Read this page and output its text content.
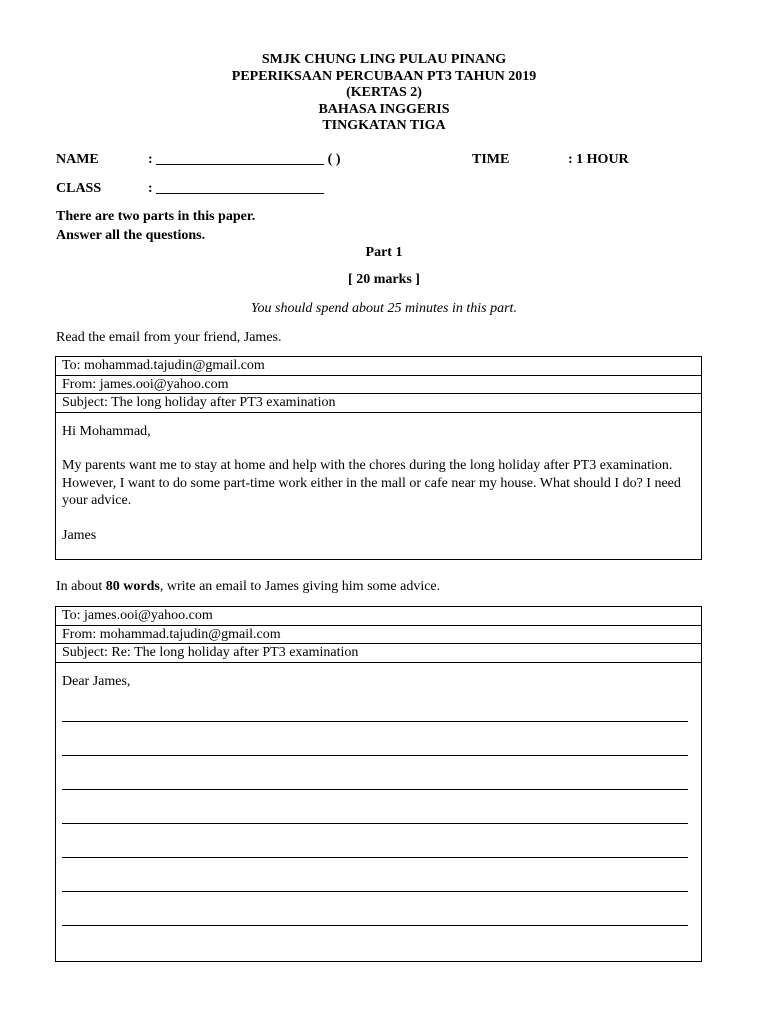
SMJK CHUNG LING PULAU PINANG
PEPERIKSAAN PERCUBAAN PT3 TAHUN 2019
(KERTAS 2)
BAHASA INGGERIS
TINGKATAN TIGA
NAME	: ________________________ ( )	TIME	: 1 HOUR
CLASS	: ________________________
There are two parts in this paper.
Answer all the questions.
Part 1
[ 20 marks ]
You should spend about 25 minutes in this part.
Read the email from your friend, James.
To: mohammad.tajudin@gmail.com
From: james.ooi@yahoo.com
Subject: The long holiday after PT3 examination

Hi Mohammad,

My parents want me to stay at home and help with the chores during the long holiday after PT3 examination. However, I want to do some part-time work either in the mall or cafe near my house. What should I do? I need your advice.

James

In about 80 words, write an email to James giving him some advice.
To: james.ooi@yahoo.com
From: mohammad.tajudin@gmail.com
Subject: Re: The long holiday after PT3 examination

Dear James,
